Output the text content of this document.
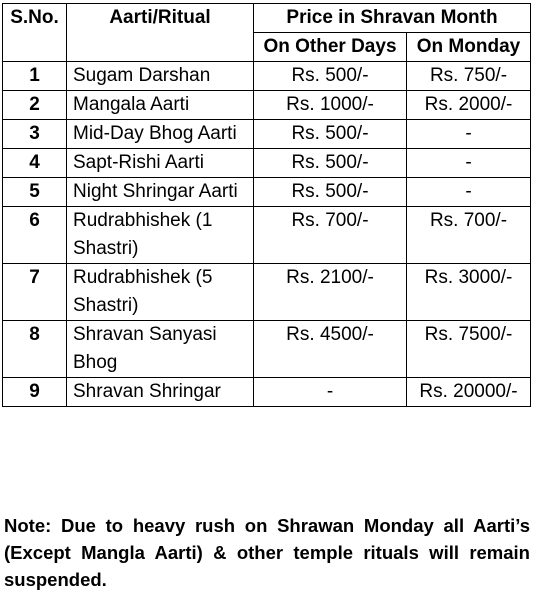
S.No.	Aarti/Ritual	Price in Shravan Month	
		On Other Days	On Monday
1	Sugam Darshan	Rs. 500/-	Rs. 750/-
2	Mangala Aarti	Rs. 1000/-	Rs. 2000/-
3	Mid-Day Bhog Aarti	Rs. 500/-	-
4	Sapt-Rishi Aarti	Rs. 500/-	-
5	Night Shringar Aarti	Rs. 500/-	-
6	Rudrabhishek (1 Shastri)	Rs. 700/-	Rs. 700/-
7	Rudrabhishek (5 Shastri)	Rs. 2100/-	Rs. 3000/-
8	Shravan Sanyasi Bhog	Rs. 4500/-	Rs. 7500/-
9	Shravan Shringar	-	Rs. 20000/-
Note: Due to heavy rush on Shrawan Monday all Aarti’s (Except Mangla Aarti) & other temple rituals will remain suspended.
